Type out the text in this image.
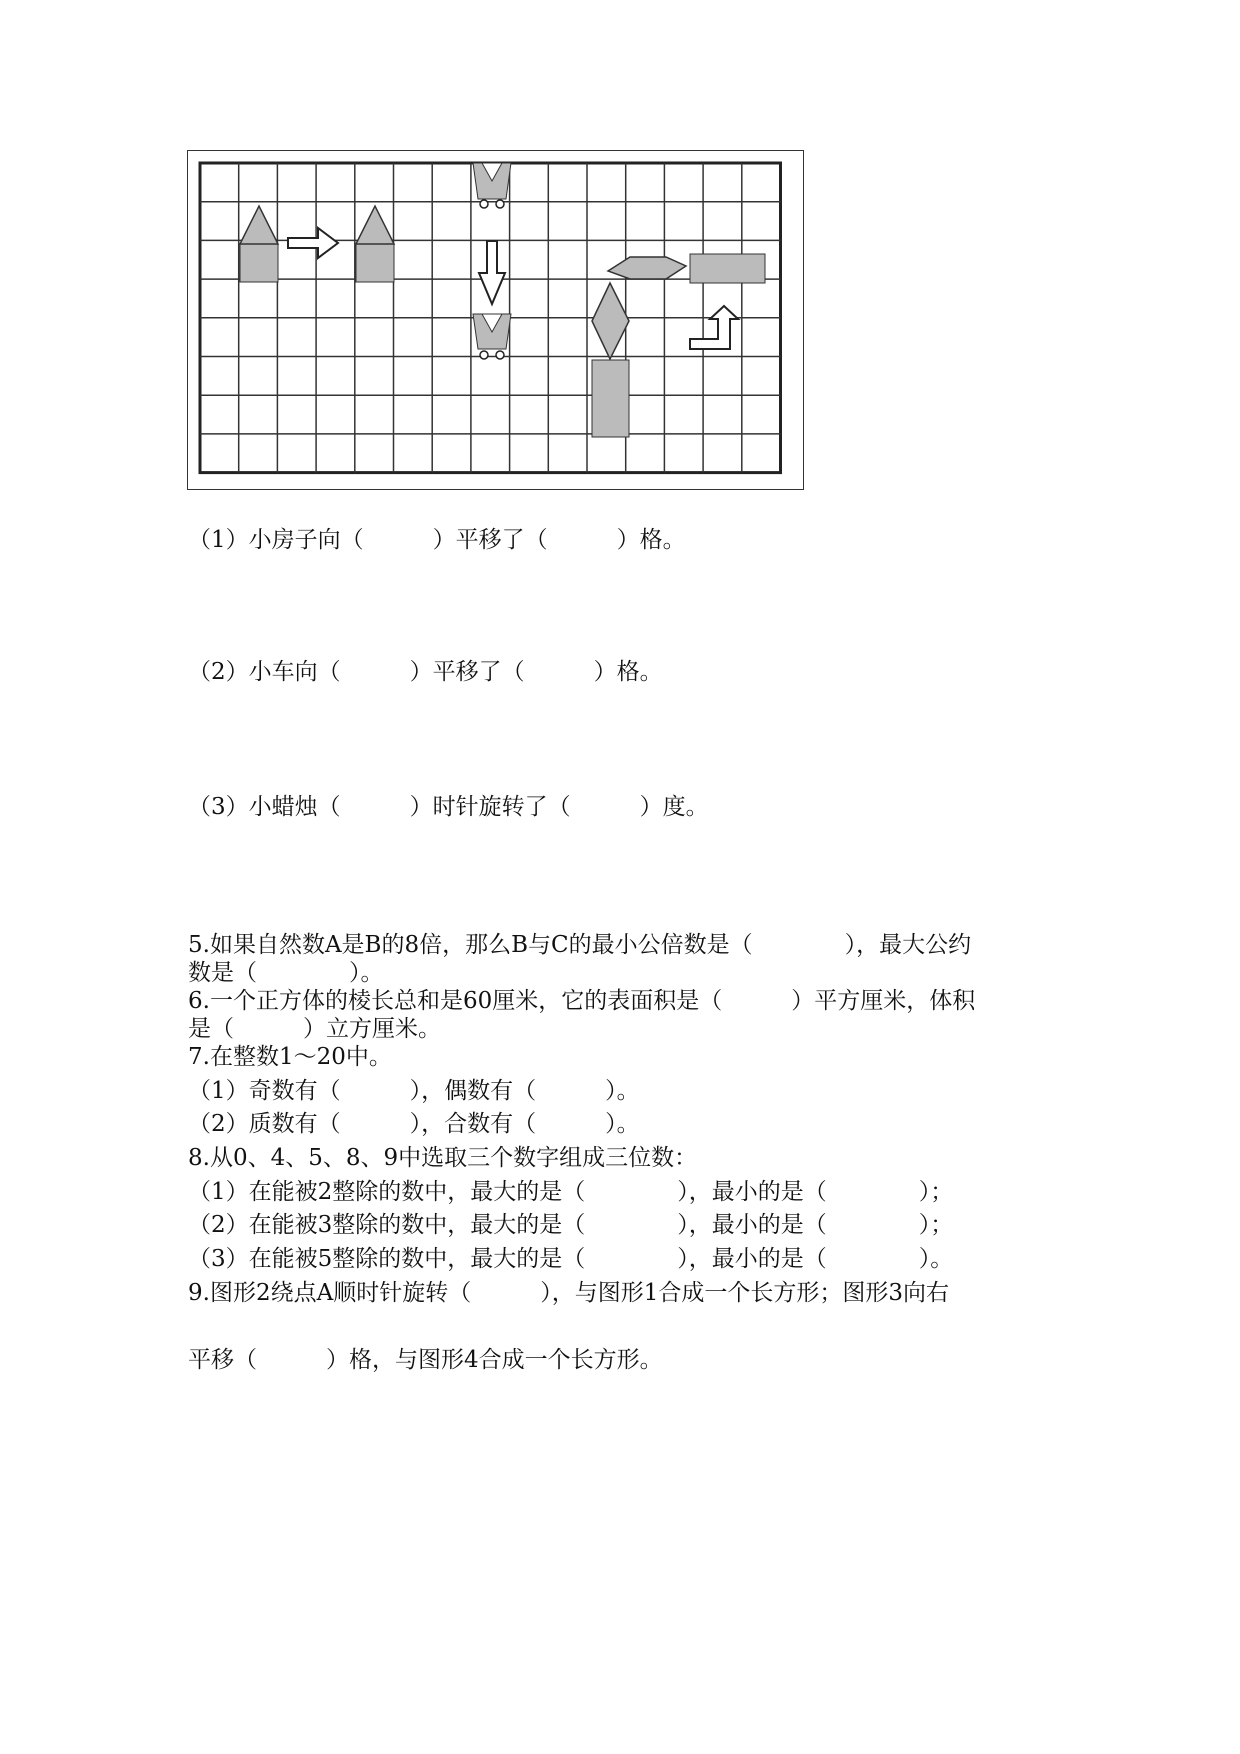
（1）小房子向（　　　）平移了（　　　）格。
（2）小车向（　　　）平移了（　　　）格。
（3）小蜡烛（　　　）时针旋转了（　　　）度。
5.如果自然数A是B的8倍，那么B与C的最小公倍数是（　　　　），最大公约
数是（　　　　）。
6.一个正方体的棱长总和是60厘米，它的表面积是（　　　）平方厘米，体积
是（　　　）立方厘米。
7.在整数1～20中。
（1）奇数有（　　　），偶数有（　　　）。
（2）质数有（　　　），合数有（　　　）。
8.从0、4、5、8、9中选取三个数字组成三位数：
（1）在能被2整除的数中，最大的是（　　　　），最小的是（　　　　）；
（2）在能被3整除的数中，最大的是（　　　　），最小的是（　　　　）；
（3）在能被5整除的数中，最大的是（　　　　），最小的是（　　　　）。
9.图形2绕点A顺时针旋转（　　　），与图形1合成一个长方形；图形3向右
平移（　　　）格，与图形4合成一个长方形。
